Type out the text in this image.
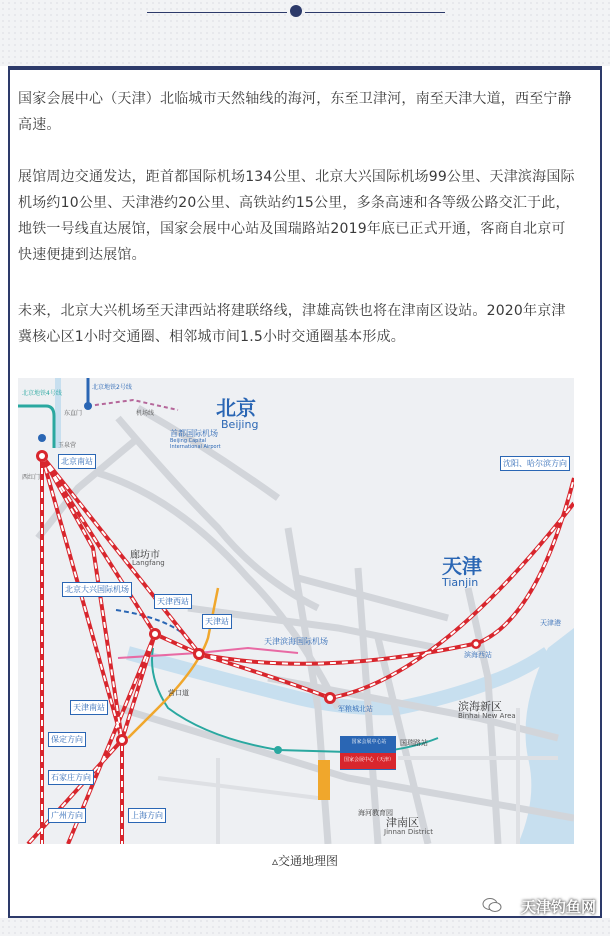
国家会展中心（天津）北临城市天然轴线的海河，东至卫津河，南至天津大道，西至宁静高速。

展馆周边交通发达，距首都国际机场134公里、北京大兴国际机场99公里、天津滨海国际机场约10公里、天津港约20公里、高铁站约15公里，多条高速和各等级公路交汇于此，地铁一号线直达展馆，国家会展中心站及国瑞路站2019年底已正式开通，客商自北京可快速便捷到达展馆。

未来，北京大兴机场至天津西站将建联络线，津雄高铁也将在津南区设站。2020年京津冀核心区1小时交通圈、相邻城市间1.5小时交通圈基本形成。

北京
Beijing
天津
Tianjin
廊坊市
Langfang
滨海新区
Binhai New Area
津南区
Jinnan District
首都国际机场
Beijing Capital International Airport
北京大兴国际机场
天津滨海国际机场
天津西站
天津站
天津南站
北京南站
滨海西站
军粮城北站
天津港
沈阳、哈尔滨方向
保定方向
石家庄方向
广州方向	上海方向
国家会展中心站
国家会展中心（天津）
国瑞路站
海河教育园
营口道
北京地铁4号线
北京地铁2号线
东直门	机场线
玉泉营
西红门
▵交通地理图
天津钓鱼网
